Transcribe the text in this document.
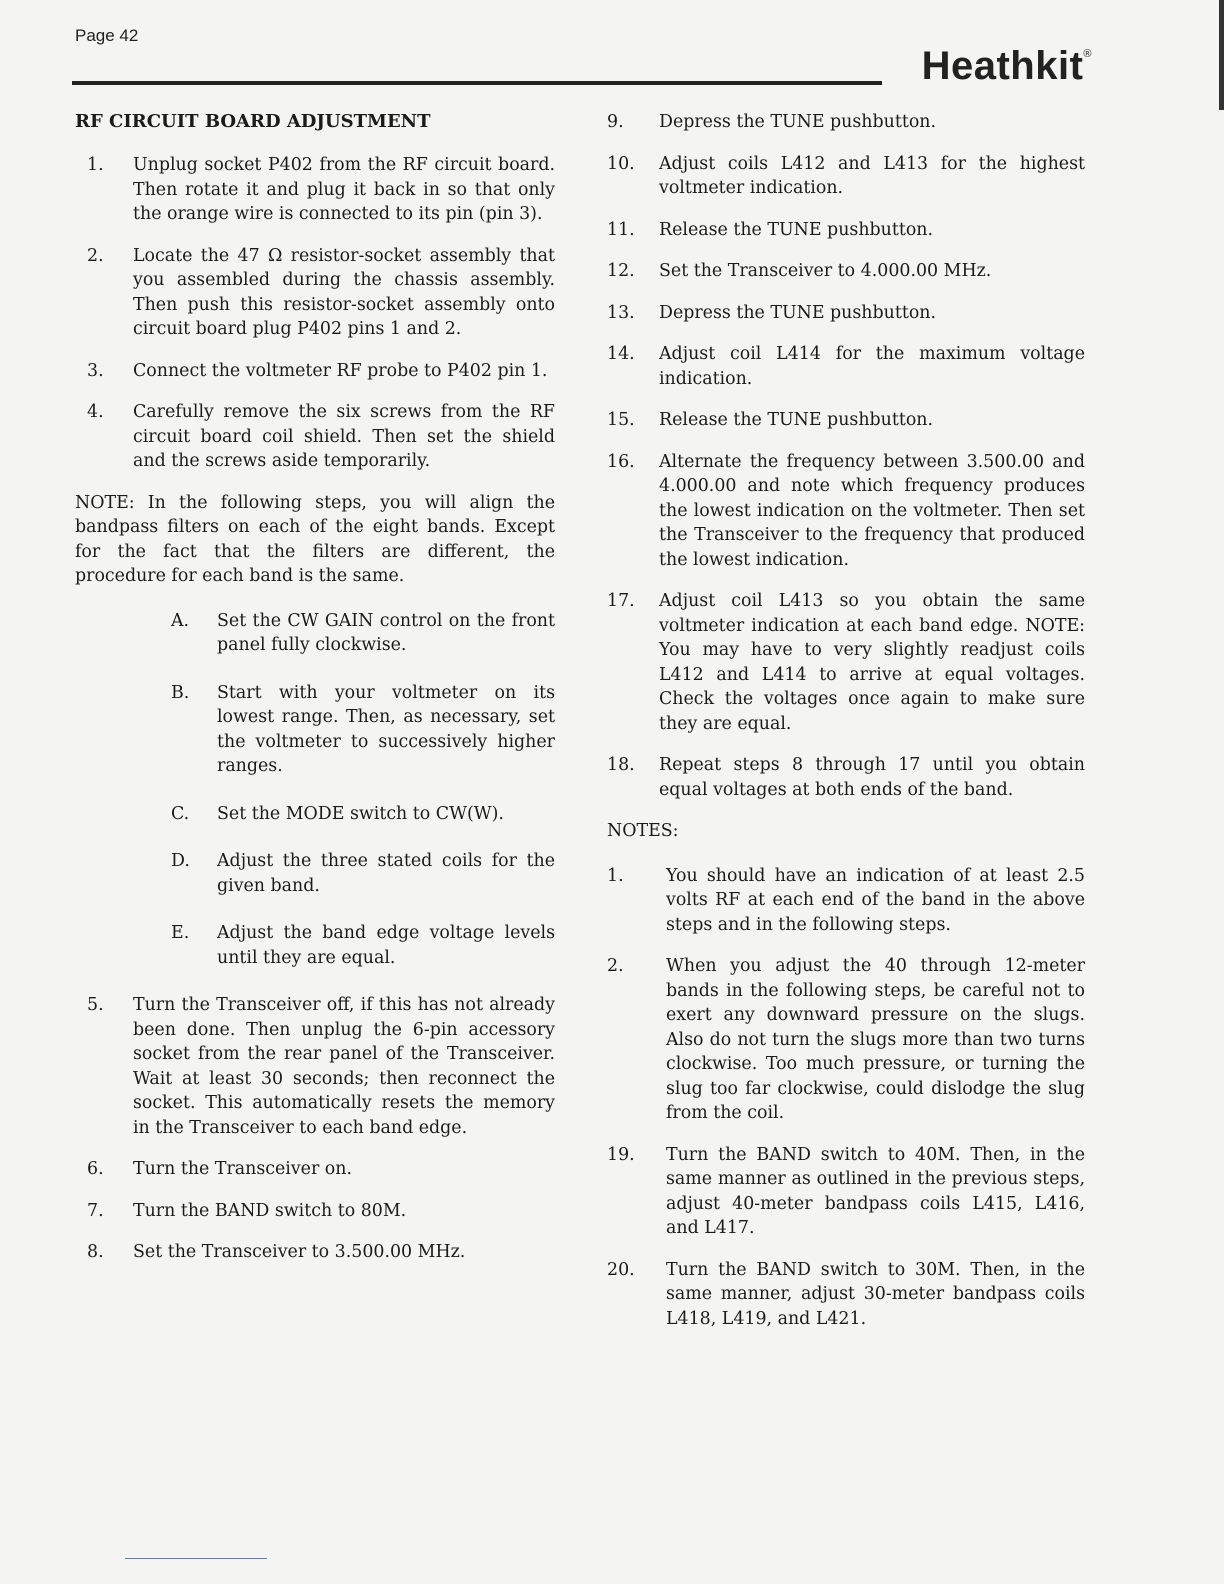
Page 42
Heathkit®
RF CIRCUIT BOARD ADJUSTMENT
1.	Unplug socket P402 from the RF circuit board. Then rotate it and plug it back in so that only the orange wire is connected to its pin (pin 3).
2.	Locate the 47 Ω resistor-socket assembly that you assembled during the chassis assembly. Then push this resistor-socket assembly onto circuit board plug P402 pins 1 and 2.
3.	Connect the voltmeter RF probe to P402 pin 1.
4.	Carefully remove the six screws from the RF circuit board coil shield. Then set the shield and the screws aside temporarily.

NOTE: In the following steps, you will align the bandpass filters on each of the eight bands. Except for the fact that the filters are different, the procedure for each band is the same.

A.	Set the CW GAIN control on the front panel fully clockwise.
B.	Start with your voltmeter on its lowest range. Then, as necessary, set the voltmeter to successively higher ranges.
C.	Set the MODE switch to CW(W).
D.	Adjust the three stated coils for the given band.
E.	Adjust the band edge voltage levels until they are equal.
5.	Turn the Transceiver off, if this has not already been done. Then unplug the 6-pin accessory socket from the rear panel of the Transceiver. Wait at least 30 seconds; then reconnect the socket. This automatically resets the memory in the Transceiver to each band edge.
6.	Turn the Transceiver on.
7.	Turn the BAND switch to 80M.
8.	Set the Transceiver to 3.500.00 MHz.
9.	Depress the TUNE pushbutton.
10.	Adjust coils L412 and L413 for the highest voltmeter indication.
11.	Release the TUNE pushbutton.
12.	Set the Transceiver to 4.000.00 MHz.
13.	Depress the TUNE pushbutton.
14.	Adjust coil L414 for the maximum voltage indication.
15.	Release the TUNE pushbutton.
16.	Alternate the frequency between 3.500.00 and 4.000.00 and note which frequency produces the lowest indication on the voltmeter. Then set the Transceiver to the frequency that produced the lowest indication.
17.	Adjust coil L413 so you obtain the same voltmeter indication at each band edge. NOTE: You may have to very slightly readjust coils L412 and L414 to arrive at equal voltages. Check the voltages once again to make sure they are equal.
18.	Repeat steps 8 through 17 until you obtain equal voltages at both ends of the band.
NOTES:
1.	You should have an indication of at least 2.5 volts RF at each end of the band in the above steps and in the following steps.
2.	When you adjust the 40 through 12-meter bands in the following steps, be careful not to exert any downward pressure on the slugs. Also do not turn the slugs more than two turns clockwise. Too much pressure, or turning the slug too far clockwise, could dislodge the slug from the coil.
19.	Turn the BAND switch to 40M. Then, in the same manner as outlined in the previous steps, adjust 40-meter bandpass coils L415, L416, and L417.
20.	Turn the BAND switch to 30M. Then, in the same manner, adjust 30-meter bandpass coils L418, L419, and L421.
